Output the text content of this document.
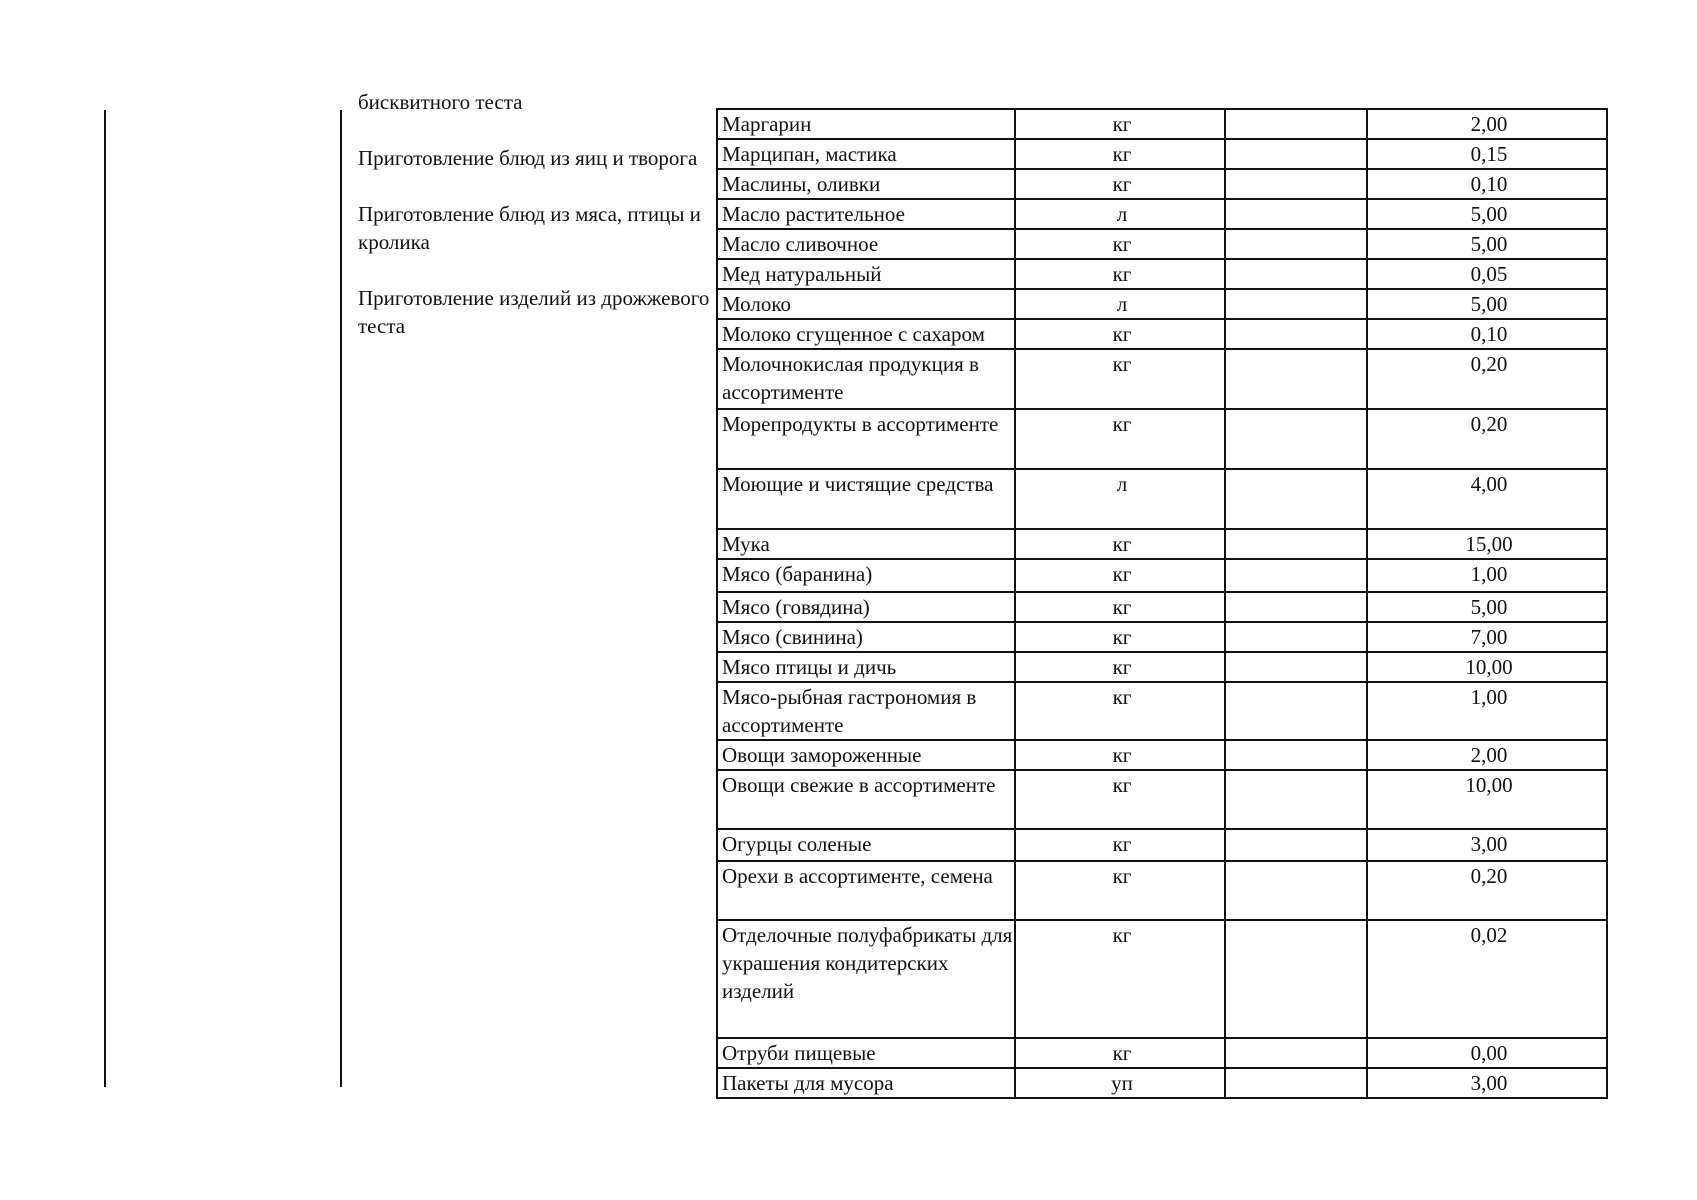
бисквитного теста
Приготовление блюд из яиц и творога
Приготовление блюд из мяса, птицы и кролика
Приготовление изделий из дрожжевого теста
Маргарин	кг		2,00
Марципан, мастика	кг		0,15
Маслины, оливки	кг		0,10
Масло растительное	л		5,00
Масло сливочное	кг		5,00
Мед натуральный	кг		0,05
Молоко	л		5,00
Молоко сгущенное с сахаром	кг		0,10
Молочнокислая продукция в ассортименте	кг		0,20
Морепродукты в ассортименте	кг		0,20
Моющие и чистящие средства	л		4,00
Мука	кг		15,00
Мясо (баранина)	кг		1,00
Мясо (говядина)	кг		5,00
Мясо (свинина)	кг		7,00
Мясо птицы и дичь	кг		10,00
Мясо-рыбная гастрономия в ассортименте	кг		1,00
Овощи замороженные	кг		2,00
Овощи свежие в ассортименте	кг		10,00
Огурцы соленые	кг		3,00
Орехи в ассортименте, семена	кг		0,20
Отделочные полуфабрикаты для украшения кондитерских изделий	кг		0,02
Отруби пищевые	кг		0,00
Пакеты для мусора	уп		3,00
